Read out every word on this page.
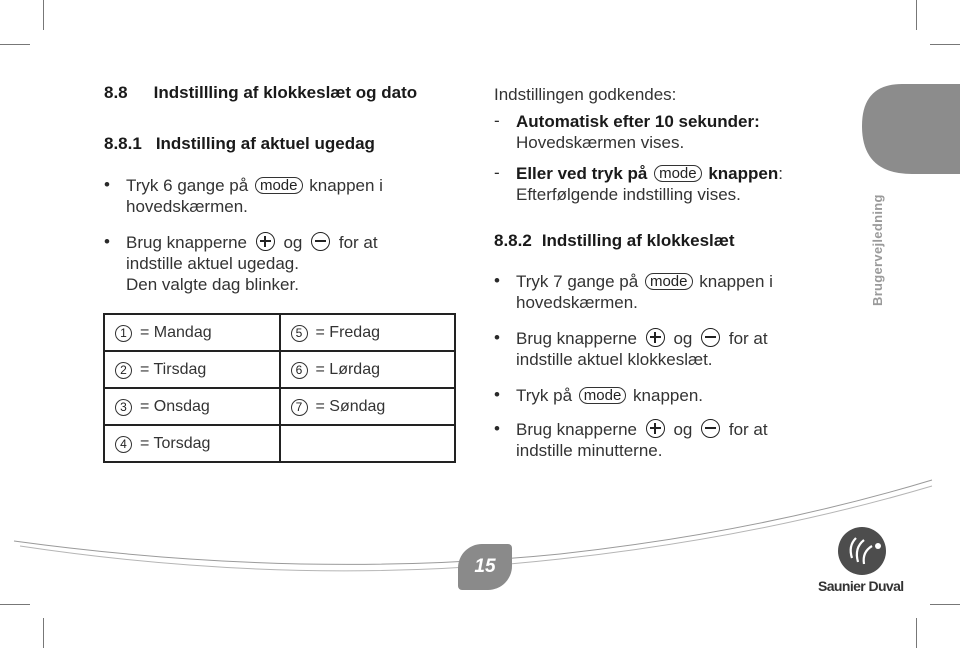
Brugervejledning
8.8 Indstillling af klokkeslæt og dato
8.8.1 Indstilling af aktuel ugedag
• Tryk 6 gange på mode knappen i
hovedskærmen.
• Brug knapperne og for at
indstille aktuel ugedag.
Den valgte dag blinker.
1 = Mandag	5 = Fredag
2 = Tirsdag	6 = Lørdag
3 = Onsdag	7 = Søndag
4 = Torsdag	
Indstillingen godkendes:
- Automatisk efter 10 sekunder:
Hovedskærmen vises.
- Eller ved tryk på mode knappen:
Efterfølgende indstilling vises.
8.8.2 Indstilling af klokkeslæt
• Tryk 7 gange på mode knappen i
hovedskærmen.
• Brug knapperne og for at
indstille aktuel klokkeslæt.
• Tryk på mode knappen.
• Brug knapperne og for at
indstille minutterne.
15
Saunier Duval
